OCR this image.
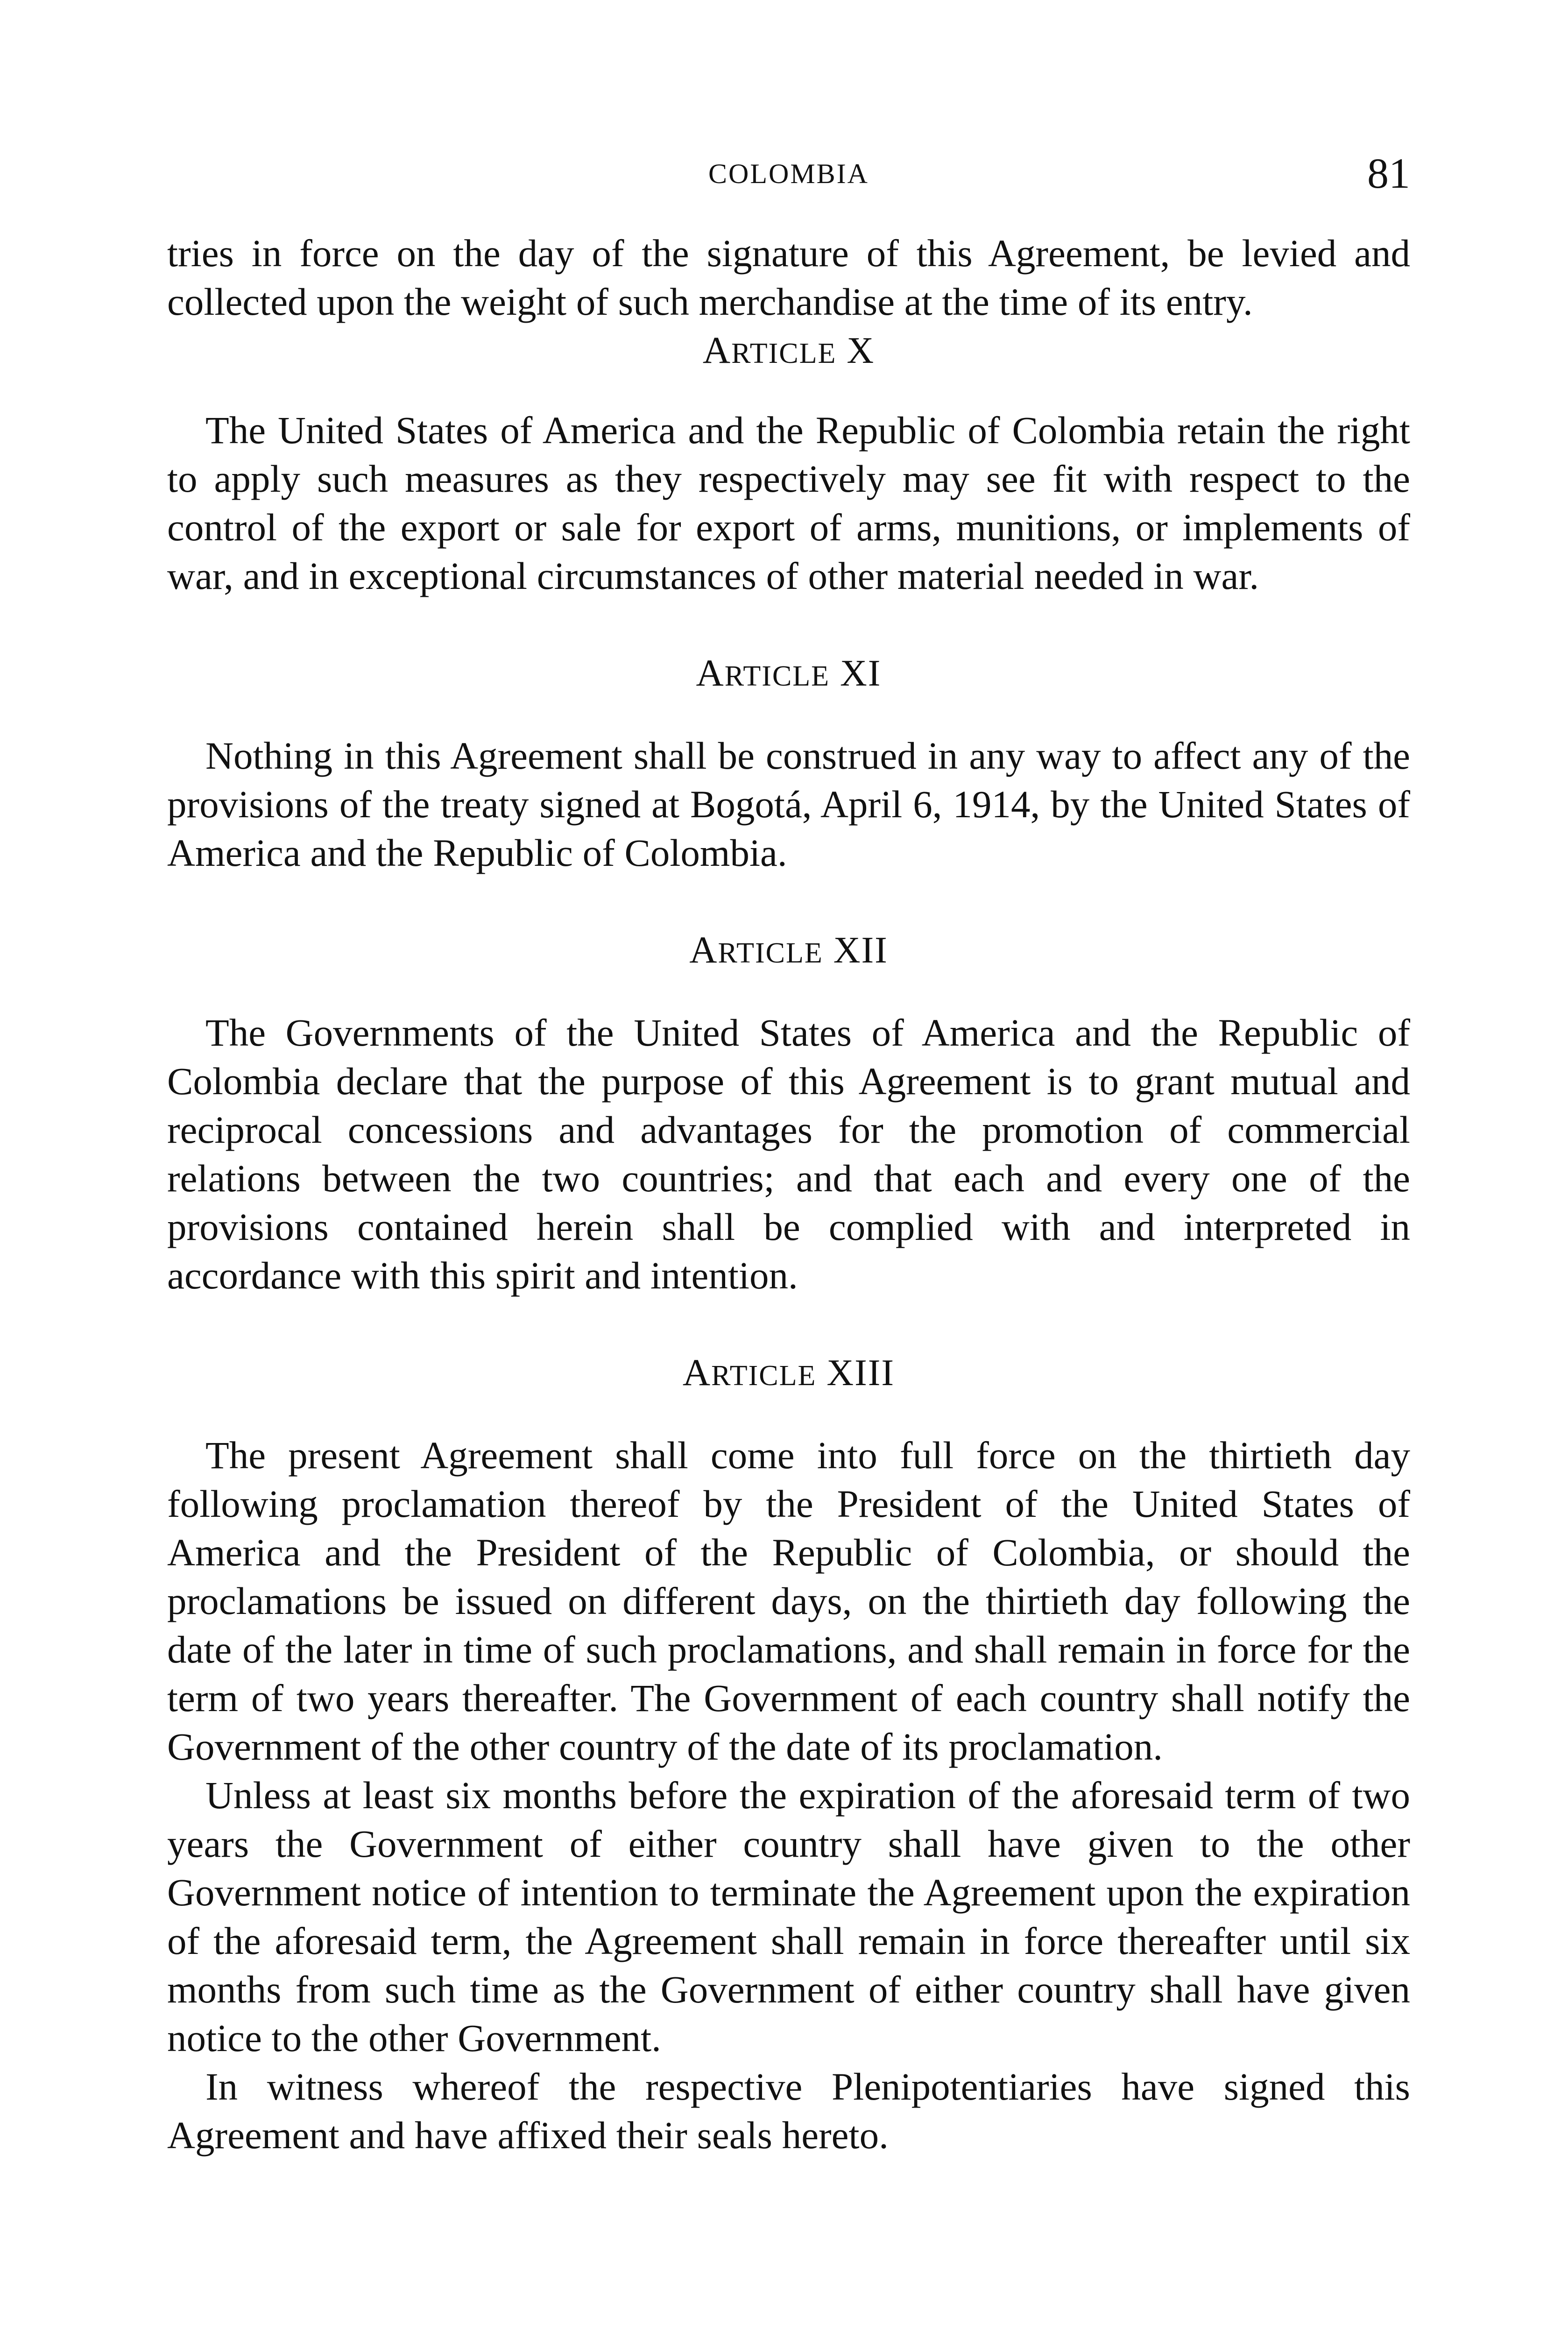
COLOMBIA	81

tries in force on the day of the signature of this Agreement, be levied and collected upon the weight of such merchandise at the time of its entry.

ARTICLE X

The United States of America and the Republic of Colombia retain the right to apply such measures as they respectively may see fit with respect to the control of the export or sale for export of arms, munitions, or implements of war, and in exceptional circumstances of other material needed in war.

ARTICLE XI

Nothing in this Agreement shall be construed in any way to affect any of the provisions of the treaty signed at Bogotá, April 6, 1914, by the United States of America and the Republic of Colombia.

ARTICLE XII

The Governments of the United States of America and the Republic of Colombia declare that the purpose of this Agreement is to grant mutual and reciprocal concessions and advantages for the promotion of commercial relations between the two countries; and that each and every one of the provisions contained herein shall be complied with and interpreted in accordance with this spirit and intention.

ARTICLE XIII

The present Agreement shall come into full force on the thirtieth day following proclamation thereof by the President of the United States of America and the President of the Republic of Colombia, or should the proclamations be issued on different days, on the thirtieth day following the date of the later in time of such proclamations, and shall remain in force for the term of two years thereafter. The Government of each country shall notify the Government of the other country of the date of its proclamation.

Unless at least six months before the expiration of the aforesaid term of two years the Government of either country shall have given to the other Government notice of intention to terminate the Agreement upon the expiration of the aforesaid term, the Agreement shall remain in force thereafter until six months from such time as the Government of either country shall have given notice to the other Government.

In witness whereof the respective Plenipotentiaries have signed this Agreement and have affixed their seals hereto.
